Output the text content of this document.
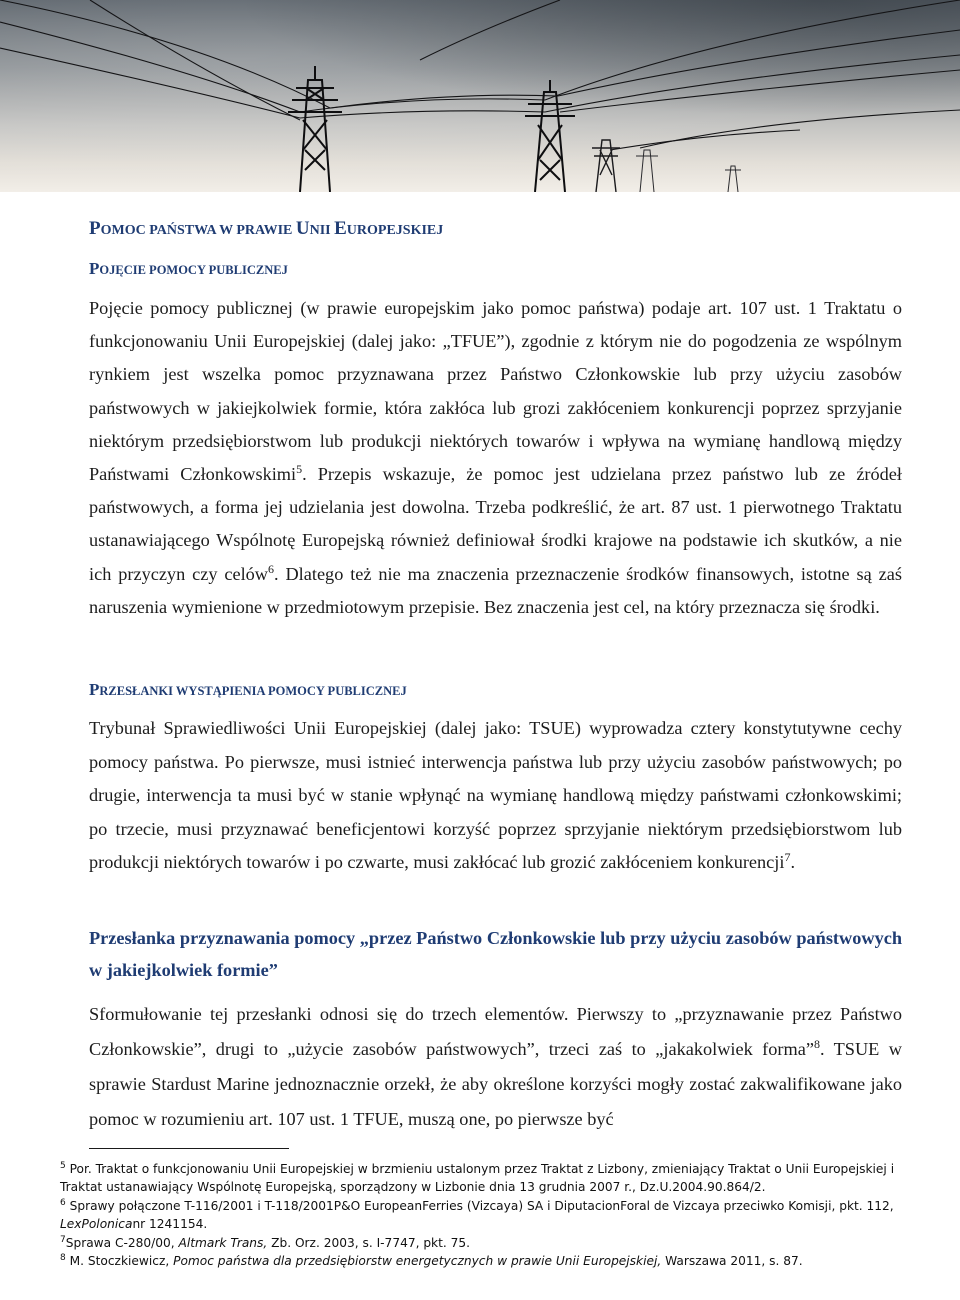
POMOC PAŃSTWA W PRAWIE UNII EUROPEJSKIEJ
POJĘCIE POMOCY PUBLICZNEJ

Pojęcie pomocy publicznej (w prawie europejskim jako pomoc państwa) podaje art. 107 ust. 1 Traktatu o funkcjonowaniu Unii Europejskiej (dalej jako: „TFUE”), zgodnie z którym nie do pogodzenia ze wspólnym rynkiem jest wszelka pomoc przyznawana przez Państwo Członkowskie lub przy użyciu zasobów państwowych w jakiejkolwiek formie, która zakłóca lub grozi zakłóceniem konkurencji poprzez sprzyjanie niektórym przedsiębiorstwom lub produkcji niektórych towarów i wpływa na wymianę handlową między Państwami Członkowskimi$^5$. Przepis wskazuje, że pomoc jest udzielana przez państwo lub ze źródeł państwowych, a forma jej udzielania jest dowolna. Trzeba podkreślić, że art. 87 ust. 1 pierwotnego Traktatu ustanawiającego Wspólnotę Europejską również definiował środki krajowe na podstawie ich skutków, a nie ich przyczyn czy celów$^6$. Dlatego też nie ma znaczenia przeznaczenie środków finansowych, istotne są zaś naruszenia wymienione w przedmiotowym przepisie. Bez znaczenia jest cel, na który przeznacza się środki.

PRZESŁANKI WYSTĄPIENIA POMOCY PUBLICZNEJ

Trybunał Sprawiedliwości Unii Europejskiej (dalej jako: TSUE) wyprowadza cztery konstytutywne cechy pomocy państwa. Po pierwsze, musi istnieć interwencja państwa lub przy użyciu zasobów państwowych; po drugie, interwencja ta musi być w stanie wpłynąć na wymianę handlową między państwami członkowskimi; po trzecie, musi przyznawać beneficjentowi korzyść poprzez sprzyjanie niektórym przedsiębiorstwom lub produkcji niektórych towarów i po czwarte, musi zakłócać lub grozić zakłóceniem konkurencji$^7$.

Przesłanka przyznawania pomocy „przez Państwo Członkowskie lub przy użyciu zasobów państwowych w jakiejkolwiek formie”

Sformułowanie tej przesłanki odnosi się do trzech elementów. Pierwszy to „przyznawanie przez Państwo Członkowskie”, drugi to „użycie zasobów państwowych”, trzeci zaś to „jakakolwiek forma”$^8$. TSUE w sprawie Stardust Marine jednoznacznie orzekł, że aby określone korzyści mogły zostać zakwalifikowane jako pomoc w rozumieniu art. 107 ust. 1 TFUE, muszą one, po pierwsze być

$^5$ Por. Traktat o funkcjonowaniu Unii Europejskiej w brzmieniu ustalonym przez Traktat z Lizbony, zmieniający Traktat o Unii Europejskiej i Traktat ustanawiający Wspólnotę Europejską, sporządzony w Lizbonie dnia 13 grudnia 2007 r., Dz.U.2004.90.864/2.

$^6$ Sprawy połączone T-116/2001 i T-118/2001P&O EuropeanFerries (Vizcaya) SA i DiputacionForal de Vizcaya przeciwko Komisji, pkt. 112, LexPolonicanr 1241154.

$^7$Sprawa C-280/00, Altmark Trans, Zb. Orz. 2003, s. I-7747, pkt. 75.

$^8$ M. Stoczkiewicz, Pomoc państwa dla przedsiębiorstw energetycznych w prawie Unii Europejskiej, Warszawa 2011, s. 87.
